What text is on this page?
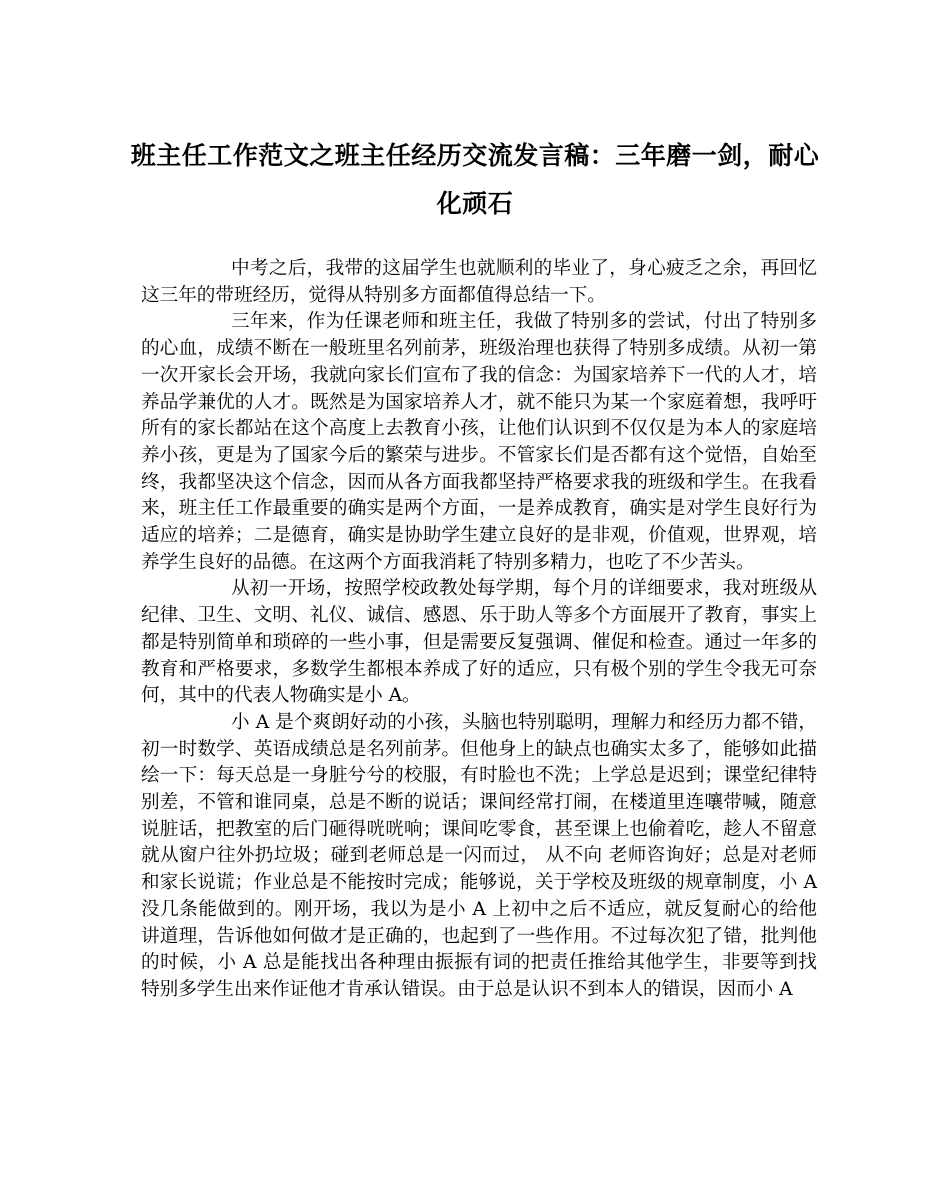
班主任工作范文之班主任经历交流发言稿：三年磨一剑，耐心化顽石

中考之后，我带的这届学生也就顺利的毕业了，身心疲乏之余，再回忆这三年的带班经历，觉得从特别多方面都值得总结一下。

三年来，作为任课老师和班主任，我做了特别多的尝试，付出了特别多的心血，成绩不断在一般班里名列前茅，班级治理也获得了特别多成绩。从初一第一次开家长会开场，我就向家长们宣布了我的信念：为国家培养下一代的人才，培养品学兼优的人才。既然是为国家培养人才，就不能只为某一个家庭着想，我呼吁所有的家长都站在这个高度上去教育小孩，让他们认识到不仅仅是为本人的家庭培养小孩，更是为了国家今后的繁荣与进步。不管家长们是否都有这个觉悟，自始至终，我都坚决这个信念，因而从各方面我都坚持严格要求我的班级和学生。在我看来，班主任工作最重要的确实是两个方面，一是养成教育，确实是对学生良好行为适应的培养；二是德育，确实是协助学生建立良好的是非观，价值观，世界观，培养学生良好的品德。在这两个方面我消耗了特别多精力，也吃了不少苦头。

从初一开场，按照学校政教处每学期，每个月的详细要求，我对班级从纪律、卫生、文明、礼仪、诚信、感恩、乐于助人等多个方面展开了教育，事实上都是特别简单和琐碎的一些小事，但是需要反复强调、催促和检查。通过一年多的教育和严格要求，多数学生都根本养成了好的适应，只有极个别的学生令我无可奈何，其中的代表人物确实是小 A。

小 A 是个爽朗好动的小孩，头脑也特别聪明，理解力和经历力都不错，初一时数学、英语成绩总是名列前茅。但他身上的缺点也确实太多了，能够如此描绘一下：每天总是一身脏兮兮的校服，有时脸也不洗；上学总是迟到；课堂纪律特别差，不管和谁同桌，总是不断的说话；课间经常打闹，在楼道里连嚷带喊，随意说脏话，把教室的后门砸得咣咣响；课间吃零食，甚至课上也偷着吃，趁人不留意就从窗户往外扔垃圾；碰到老师总是一闪而过， 从不向 老师咨询好；总是对老师和家长说谎；作业总是不能按时完成；能够说，关于学校及班级的规章制度，小 A 没几条能做到的。刚开场，我以为是小 A 上初中之后不适应，就反复耐心的给他讲道理，告诉他如何做才是正确的，也起到了一些作用。不过每次犯了错，批判他的时候，小 A 总是能找出各种理由振振有词的把责任推给其他学生，非要等到找特别多学生出来作证他才肯承认错误。由于总是认识不到本人的错误，因而小 A
